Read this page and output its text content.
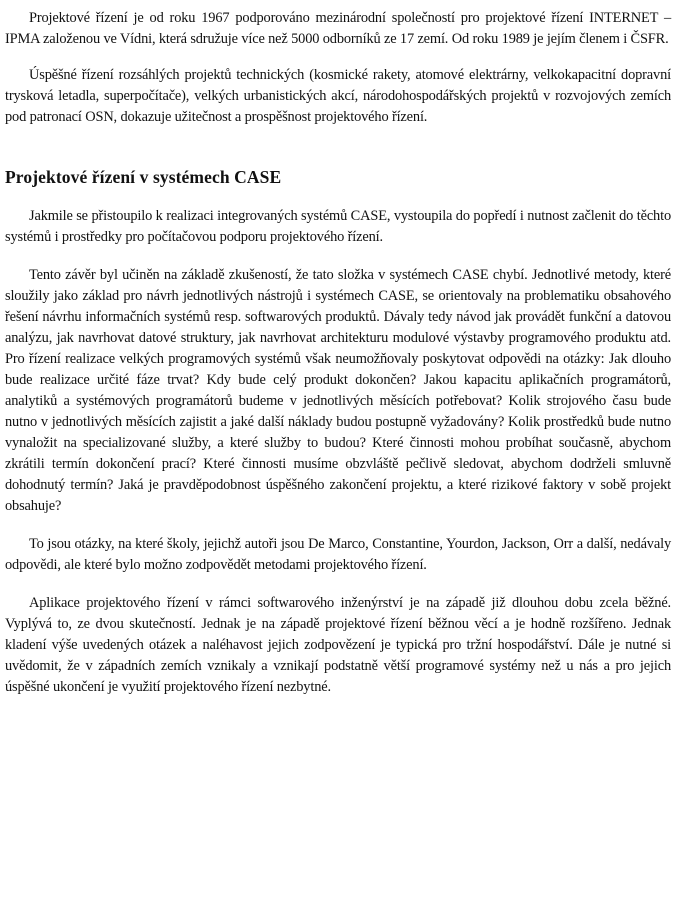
Projektové řízení je od roku 1967 podporováno mezinárodní společností pro projektové řízení INTERNET – IPMA založenou ve Vídni, která sdružuje více než 5000 odborníků ze 17 zemí. Od roku 1989 je jejím členem i ČSFR.

Úspěšné řízení rozsáhlých projektů technických (kosmické rakety, atomové elektrárny, velkokapacitní dopravní trysková letadla, superpočítače), velkých urbanistických akcí, národohospodářských projektů v rozvojových zemích pod patronací OSN, dokazuje užitečnost a prospěšnost projektového řízení.

Projektové řízení v systémech CASE

Jakmile se přistoupilo k realizaci integrovaných systémů CASE, vystoupila do popředí i nutnost začlenit do těchto systémů i prostředky pro počítačovou podporu projektového řízení.

Tento závěr byl učiněn na základě zkušeností, že tato složka v systémech CASE chybí. Jednotlivé metody, které sloužily jako základ pro návrh jednotlivých nástrojů i systémech CASE, se orientovaly na problematiku obsahového řešení návrhu informačních systémů resp. softwarových produktů. Dávaly tedy návod jak provádět funkční a datovou analýzu, jak navrhovat datové struktury, jak navrhovat architekturu modulové výstavby programového produktu atd. Pro řízení realizace velkých programových systémů však neumožňovaly poskytovat odpovědi na otázky: Jak dlouho bude realizace určité fáze trvat? Kdy bude celý produkt dokončen? Jakou kapacitu aplikačních programátorů, analytiků a systémových programátorů budeme v jednotlivých měsících potřebovat? Kolik strojového času bude nutno v jednotlivých měsících zajistit a jaké další náklady budou postupně vyžadovány? Kolik prostředků bude nutno vynaložit na specializované služby, a které služby to budou? Které činnosti mohou probíhat současně, abychom zkrátili termín dokončení prací? Které činnosti musíme obzvláště pečlivě sledovat, abychom dodrželi smluvně dohodnutý termín? Jaká je pravděpodobnost úspěšného zakončení projektu, a které rizikové faktory v sobě projekt obsahuje?

To jsou otázky, na které školy, jejichž autoři jsou De Marco, Constantine, Yourdon, Jackson, Orr a další, nedávaly odpovědi, ale které bylo možno zodpovědět metodami projektového řízení.

Aplikace projektového řízení v rámci softwarového inženýrství je na západě již dlouhou dobu zcela běžné. Vyplývá to, ze dvou skutečností. Jednak je na západě projektové řízení běžnou věcí a je hodně rozšířeno. Jednak kladení výše uvedených otázek a naléhavost jejich zodpovězení je typická pro tržní hospodářství. Dále je nutné si uvědomit, že v západních zemích vznikaly a vznikají podstatně větší programové systémy než u nás a pro jejich úspěšné ukončení je využití projektového řízení nezbytné.
